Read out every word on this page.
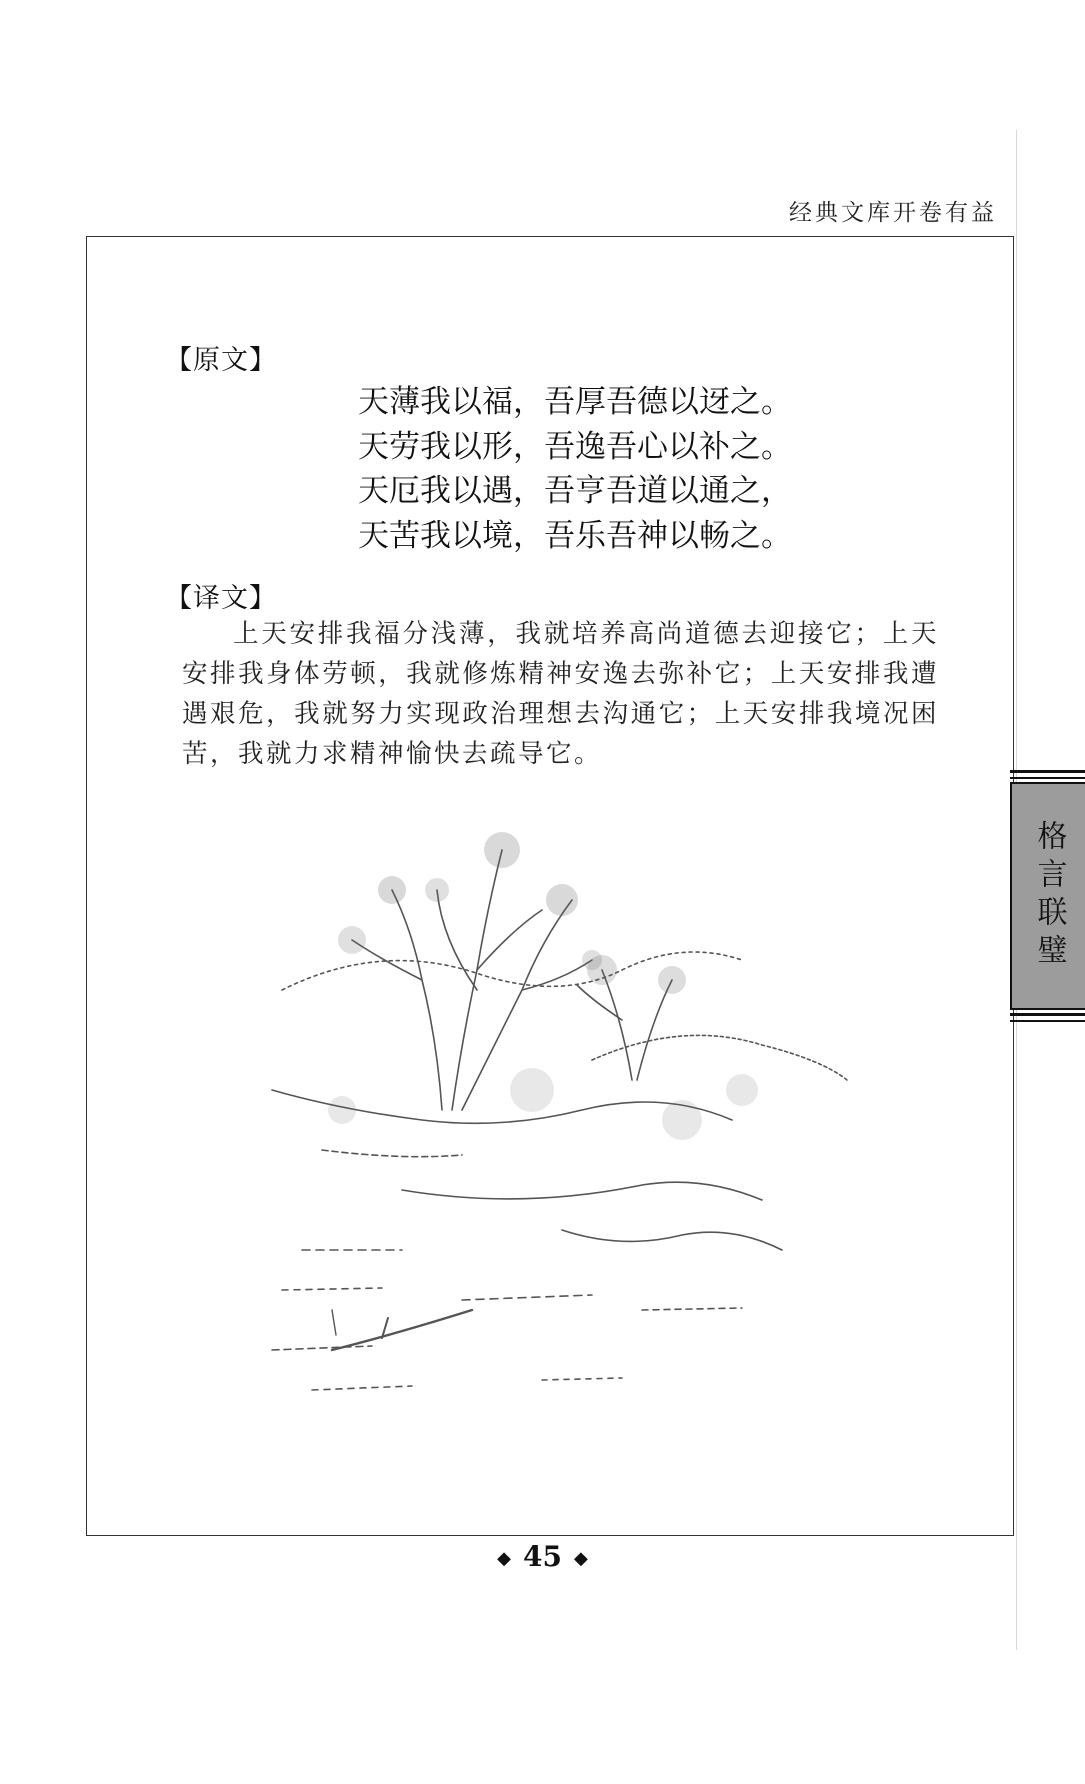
经典文库开卷有益
【原文】
天薄我以福，吾厚吾德以迓之。
天劳我以形，吾逸吾心以补之。
天厄我以遇，吾亨吾道以通之，
天苦我以境，吾乐吾神以畅之。
【译文】
上天安排我福分浅薄，我就培养高尚道德去迎接它；上天安排我身体劳顿，我就修炼精神安逸去弥补它；上天安排我遭遇艰危，我就努力实现政治理想去沟通它；上天安排我境况困苦，我就力求精神愉快去疏导它。
格言联璧
◆ 45 ◆
